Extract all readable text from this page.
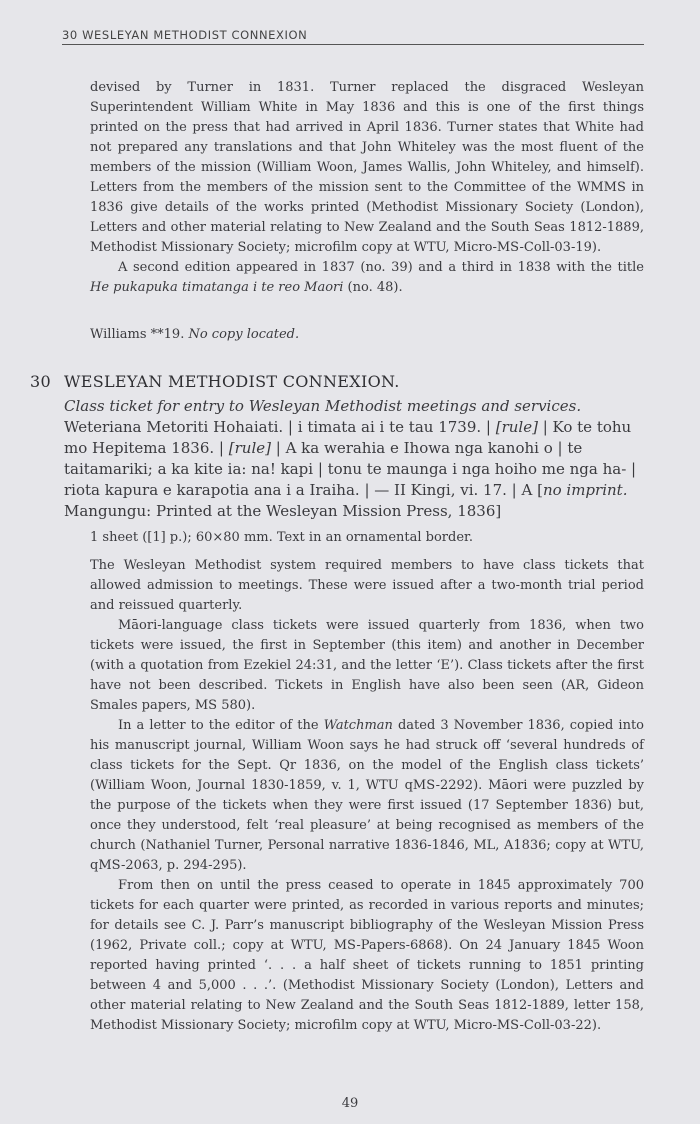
30 WESLEYAN METHODIST CONNEXION

devised by Turner in 1831. Turner replaced the disgraced Wesleyan Superintendent William White in May 1836 and this is one of the first things printed on the press that had arrived in April 1836. Turner states that White had not prepared any translations and that John Whiteley was the most fluent of the members of the mission (William Woon, James Wallis, John Whiteley, and himself). Letters from the members of the mission sent to the Committee of the WMMS in 1836 give details of the works printed (Methodist Missionary Society (London), Letters and other material relating to New Zealand and the South Seas 1812-1889, Methodist Missionary Society; microfilm copy at WTU, Micro-MS-Coll-03-19).

A second edition appeared in 1837 (no. 39) and a third in 1838 with the title He pukapuka timatanga i te reo Maori (no. 48).

Williams **19. No copy located.
30 WESLEYAN METHODIST CONNEXION.

Class ticket for entry to Wesleyan Methodist meetings and services.

Weteriana Metoriti Hohaiati. | i timata ai i te tau 1739. | [rule] | Ko te tohu mo Hepitema 1836. | [rule] | A ka werahia e Ihowa nga kanohi o | te taitamariki; a ka kite ia: na! kapi | tonu te maunga i nga hoiho me nga ha- | riota kapura e karapotia ana i a Iraiha. | — II Kingi, vi. 17. | A [no imprint. Mangungu: Printed at the Wesleyan Mission Press, 1836]

1 sheet ([1] p.); 60×80 mm. Text in an ornamental border.

The Wesleyan Methodist system required members to have class tickets that allowed admission to meetings. These were issued after a two-month trial period and reissued quarterly.

Māori-language class tickets were issued quarterly from 1836, when two tickets were issued, the first in September (this item) and another in December (with a quotation from Ezekiel 24:31, and the letter ‘E’). Class tickets after the first have not been described. Tickets in English have also been seen (AR, Gideon Smales papers, MS 580).

In a letter to the editor of the Watchman dated 3 November 1836, copied into his manuscript journal, William Woon says he had struck off ‘several hundreds of class tickets for the Sept. Qr 1836, on the model of the English class tickets’ (William Woon, Journal 1830-1859, v. 1, WTU qMS-2292). Māori were puzzled by the purpose of the tickets when they were first issued (17 September 1836) but, once they understood, felt ‘real pleasure’ at being recognised as members of the church (Nathaniel Turner, Personal narrative 1836-1846, ML, A1836; copy at WTU, qMS-2063, p. 294-295).

From then on until the press ceased to operate in 1845 approximately 700 tickets for each quarter were printed, as recorded in various reports and minutes; for details see C. J. Parr’s manuscript bibliography of the Wesleyan Mission Press (1962, Private coll.; copy at WTU, MS-Papers-6868). On 24 January 1845 Woon reported having printed ‘. . . a half sheet of tickets running to 1851 printing between 4 and 5,000 . . .’. (Methodist Missionary Society (London), Letters and other material relating to New Zealand and the South Seas 1812-1889, letter 158, Methodist Missionary Society; microfilm copy at WTU, Micro-MS-Coll-03-22).

49
